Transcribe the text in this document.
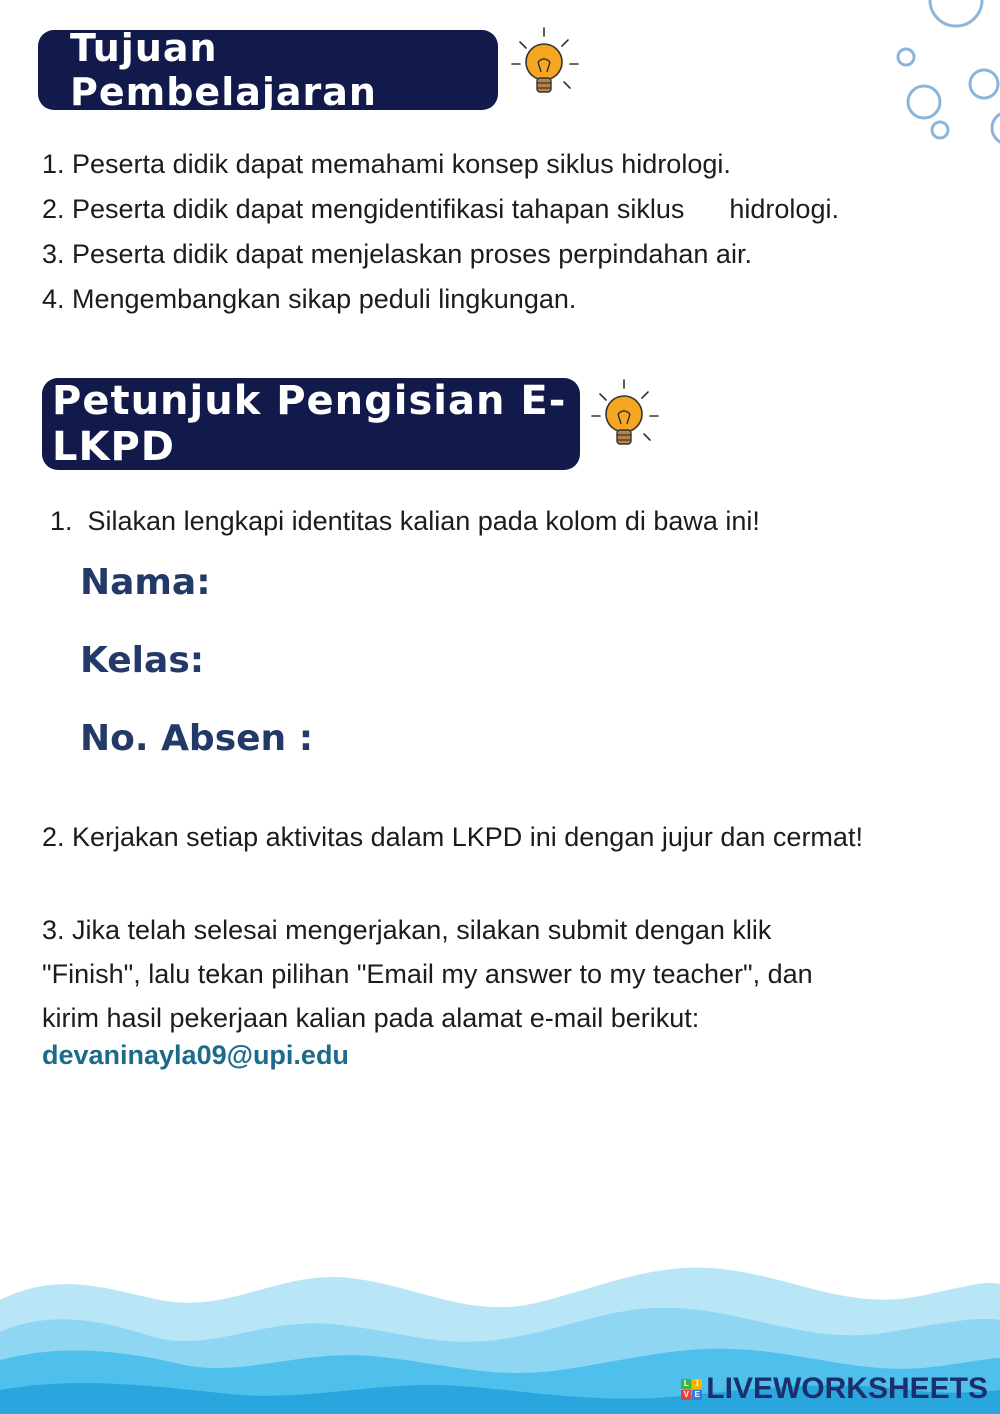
Tujuan Pembelajaran
1. Peserta didik dapat memahami konsep siklus hidrologi.
2. Peserta didik dapat mengidentifikasi tahapan siklus      hidrologi.
3. Peserta didik dapat menjelaskan proses perpindahan air.
4. Mengembangkan sikap peduli lingkungan.
Petunjuk Pengisian E-LKPD
1.  Silakan lengkapi identitas kalian pada kolom di bawa ini!
Nama:
Kelas:
No. Absen :
2. Kerjakan setiap aktivitas dalam LKPD ini dengan jujur dan cermat!
3. Jika telah selesai mengerjakan, silakan submit dengan klik
"Finish", lalu tekan pilihan "Email my answer to my teacher", dan
kirim hasil pekerjaan kalian pada alamat e-mail berikut:
devaninayla09@upi.edu
L I
V E LIVEWORKSHEETS
